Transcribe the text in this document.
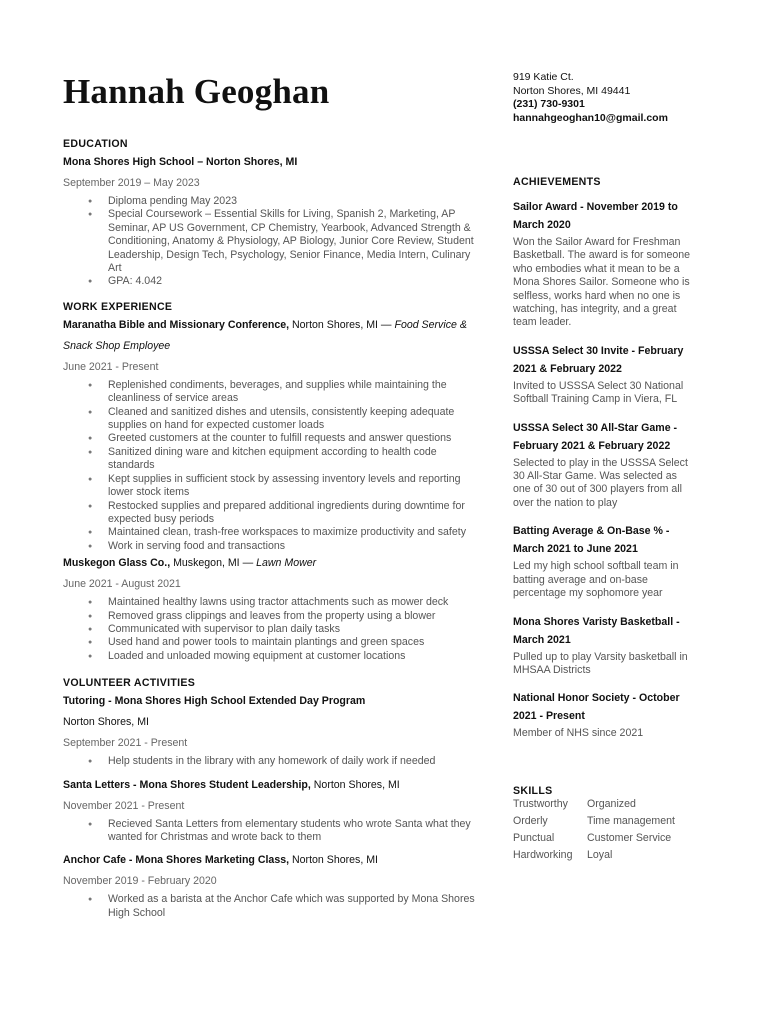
Hannah Geoghan	919 Katie Ct.
Norton Shores, MI 49441
(231) 730-9301
hannahgeoghan10@gmail.com
EDUCATION
Mona Shores High School – Norton Shores, MI
September 2019 – May 2023
● Diploma pending May 2023
● Special Coursework – Essential Skills for Living, Spanish 2, Marketing, AP Seminar, AP US Government, CP Chemistry, Yearbook, Advanced Strength & Conditioning, Anatomy & Physiology, AP Biology, Junior Core Review, Student Leadership, Design Tech, Psychology, Senior Finance, Media Intern, Culinary Art
● GPA: 4.042
WORK EXPERIENCE
Maranatha Bible and Missionary Conference, Norton Shores, MI — Food Service & Snack Shop Employee
June 2021 - Present
● Replenished condiments, beverages, and supplies while maintaining the cleanliness of service areas
● Cleaned and sanitized dishes and utensils, consistently keeping adequate supplies on hand for expected customer loads
● Greeted customers at the counter to fulfill requests and answer questions
● Sanitized dining ware and kitchen equipment according to health code standards
● Kept supplies in sufficient stock by assessing inventory levels and reporting lower stock items
● Restocked supplies and prepared additional ingredients during downtime for expected busy periods
● Maintained clean, trash-free workspaces to maximize productivity and safety
● Work in serving food and transactions
Muskegon Glass Co., Muskegon, MI — Lawn Mower
June 2021 - August 2021
● Maintained healthy lawns using tractor attachments such as mower deck
● Removed grass clippings and leaves from the property using a blower
● Communicated with supervisor to plan daily tasks
● Used hand and power tools to maintain plantings and green spaces
● Loaded and unloaded mowing equipment at customer locations
VOLUNTEER ACTIVITIES
Tutoring - Mona Shores High School Extended Day Program
Norton Shores, MI
September 2021 - Present
● Help students in the library with any homework of daily work if needed
Santa Letters - Mona Shores Student Leadership, Norton Shores, MI
November 2021 - Present
● Recieved Santa Letters from elementary students who wrote Santa what they wanted for Christmas and wrote back to them
Anchor Cafe - Mona Shores Marketing Class, Norton Shores, MI
November 2019 - February 2020
● Worked as a barista at the Anchor Cafe which was supported by Mona Shores High School
ACHIEVEMENTS
Sailor Award - November 2019 to March 2020
Won the Sailor Award for Freshman Basketball. The award is for someone who embodies what it mean to be a Mona Shores Sailor. Someone who is selfless, works hard when no one is watching, has integrity, and a great team leader.
USSSA Select 30 Invite - February 2021 & February 2022
Invited to USSSA Select 30 National Softball Training Camp in Viera, FL
USSSA Select 30 All-Star Game - February 2021 & February 2022
Selected to play in the USSSA Select 30 All-Star Game. Was selected as one of 30 out of 300 players from all over the nation to play
Batting Average & On-Base % - March 2021 to June 2021
Led my high school softball team in batting average and on-base percentage my sophomore year
Mona Shores Varisty Basketball - March 2021
Pulled up to play Varsity basketball in MHSAA Districts
National Honor Society - October 2021 - Present
Member of NHS since 2021
SKILLS
Trustworthy	Organized
Orderly	Time management
Punctual	Customer Service
Hardworking	Loyal
